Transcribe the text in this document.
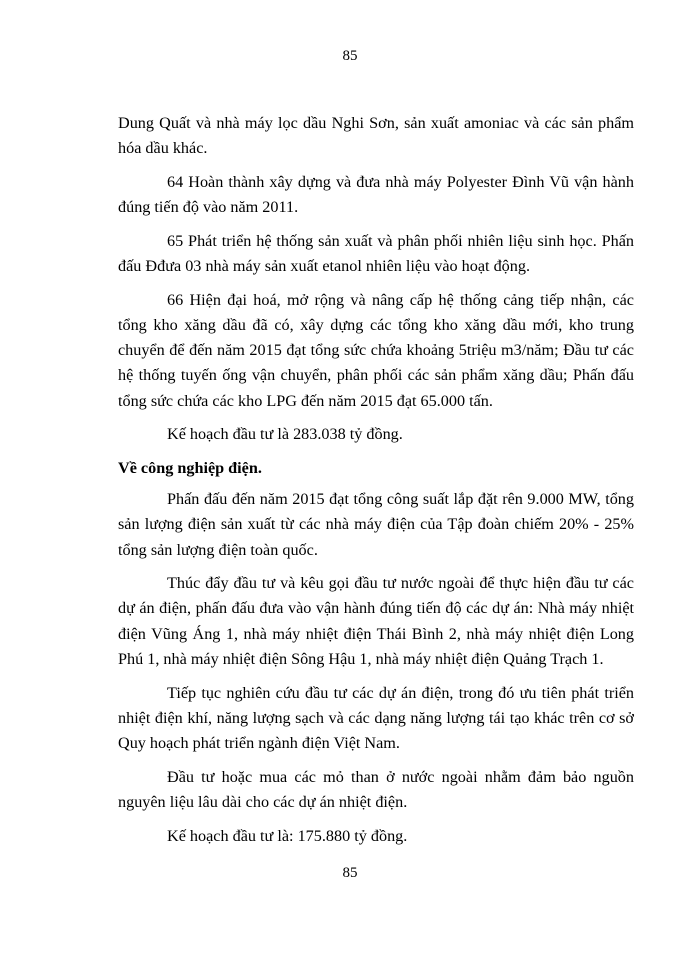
85

Dung Quất và nhà máy lọc dầu Nghi Sơn, sản xuất amoniac và các sản phẩm hóa dầu khác.

64 Hoàn thành xây dựng và đưa nhà máy Polyester Đình Vũ vận hành đúng tiến độ vào năm 2011.

65 Phát triển hệ thống sản xuất và phân phối nhiên liệu sinh học. Phấn đấu Đđưa 03 nhà máy sản xuất etanol nhiên liệu vào hoạt động.

66 Hiện đại hoá, mở rộng và nâng cấp hệ thống cảng tiếp nhận, các tổng kho xăng dầu đã có, xây dựng các tổng kho xăng dầu mới, kho trung chuyển để đến năm 2015 đạt tổng sức chứa khoảng 5triệu m3/năm; Đầu tư các hệ thống tuyến ống vận chuyển, phân phối các sản phẩm xăng dầu; Phấn đấu tổng sức chứa các kho LPG đến năm 2015 đạt 65.000 tấn.

Kế hoạch đầu tư là 283.038 tỷ đồng.

Về công nghiệp điện.

Phấn đấu đến năm 2015 đạt tổng công suất lắp đặt rên 9.000 MW, tổng sản lượng điện sản xuất từ các nhà máy điện của Tập đoàn chiếm 20% - 25% tổng sản lượng điện toàn quốc.

Thúc đẩy đầu tư và kêu gọi đầu tư nước ngoài để thực hiện đầu tư các dự án điện, phấn đấu đưa vào vận hành đúng tiến độ các dự án: Nhà máy nhiệt điện Vũng Áng 1, nhà máy nhiệt điện Thái Bình 2, nhà máy nhiệt điện Long Phú 1, nhà máy nhiệt điện Sông Hậu 1, nhà máy nhiệt điện Quảng Trạch 1.

Tiếp tục nghiên cứu đầu tư các dự án điện, trong đó ưu tiên phát triển nhiệt điện khí, năng lượng sạch và các dạng năng lượng tái tạo khác trên cơ sở Quy hoạch phát triển ngành điện Việt Nam.

Đầu tư hoặc mua các mỏ than ở nước ngoài nhằm đảm bảo nguồn nguyên liệu lâu dài cho các dự án nhiệt điện.

Kế hoạch đầu tư là: 175.880 tỷ đồng.

85
